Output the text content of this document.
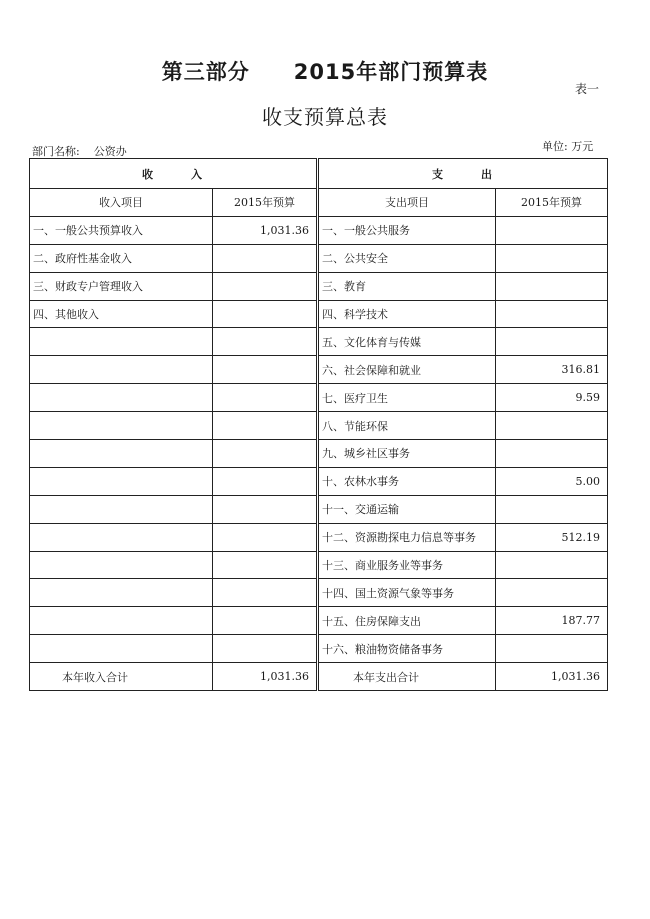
第三部分 2015年部门预算表
表一
收支预算总表
部门名称: 公资办	单位: 万元
收 入		支 出	
收入项目	2015年预算	支出项目	2015年预算
一、一般公共预算收入	1,031.36	一、一般公共服务	
二、政府性基金收入		二、公共安全	
三、财政专户管理收入		三、教育	
四、其他收入		四、科学技术	
		五、文化体育与传媒	
		六、社会保障和就业	316.81
		七、医疗卫生	9.59
		八、节能环保	
		九、城乡社区事务	
		十、农林水事务	5.00
		十一、交通运输	
		十二、资源勘探电力信息等事务	512.19
		十三、商业服务业等事务	
		十四、国土资源气象等事务	
		十五、住房保障支出	187.77
		十六、粮油物资储备事务	
本年收入合计	1,031.36	本年支出合计	1,031.36
